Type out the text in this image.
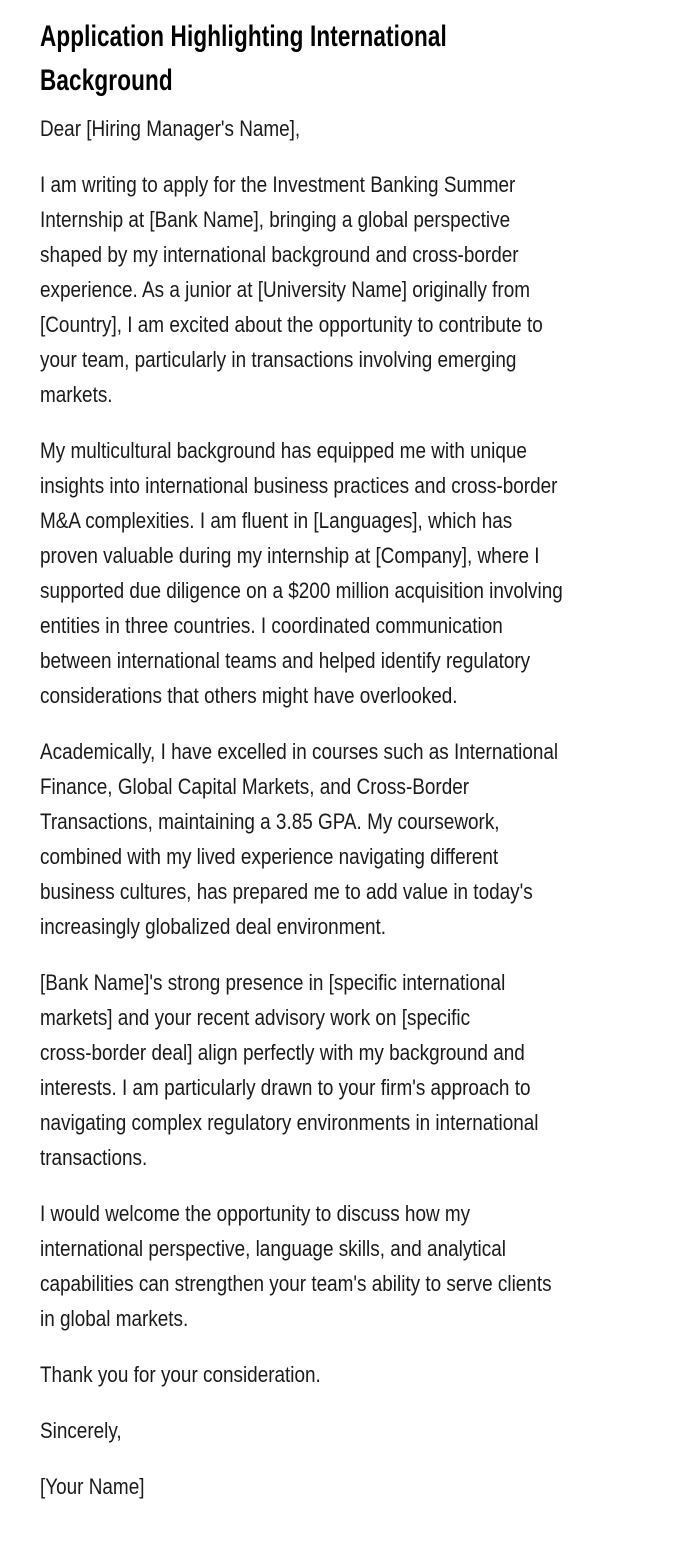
Application Highlighting International
Background
Dear [Hiring Manager's Name],
I am writing to apply for the Investment Banking Summer
Internship at [Bank Name], bringing a global perspective
shaped by my international background and cross-border
experience. As a junior at [University Name] originally from
[Country], I am excited about the opportunity to contribute to
your team, particularly in transactions involving emerging
markets.
My multicultural background has equipped me with unique
insights into international business practices and cross-border
M&A complexities. I am fluent in [Languages], which has
proven valuable during my internship at [Company], where I
supported due diligence on a $200 million acquisition involving
entities in three countries. I coordinated communication
between international teams and helped identify regulatory
considerations that others might have overlooked.
Academically, I have excelled in courses such as International
Finance, Global Capital Markets, and Cross-Border
Transactions, maintaining a 3.85 GPA. My coursework,
combined with my lived experience navigating different
business cultures, has prepared me to add value in today's
increasingly globalized deal environment.
[Bank Name]'s strong presence in [specific international
markets] and your recent advisory work on [specific
cross-border deal] align perfectly with my background and
interests. I am particularly drawn to your firm's approach to
navigating complex regulatory environments in international
transactions.
I would welcome the opportunity to discuss how my
international perspective, language skills, and analytical
capabilities can strengthen your team's ability to serve clients
in global markets.
Thank you for your consideration.
Sincerely,
[Your Name]
